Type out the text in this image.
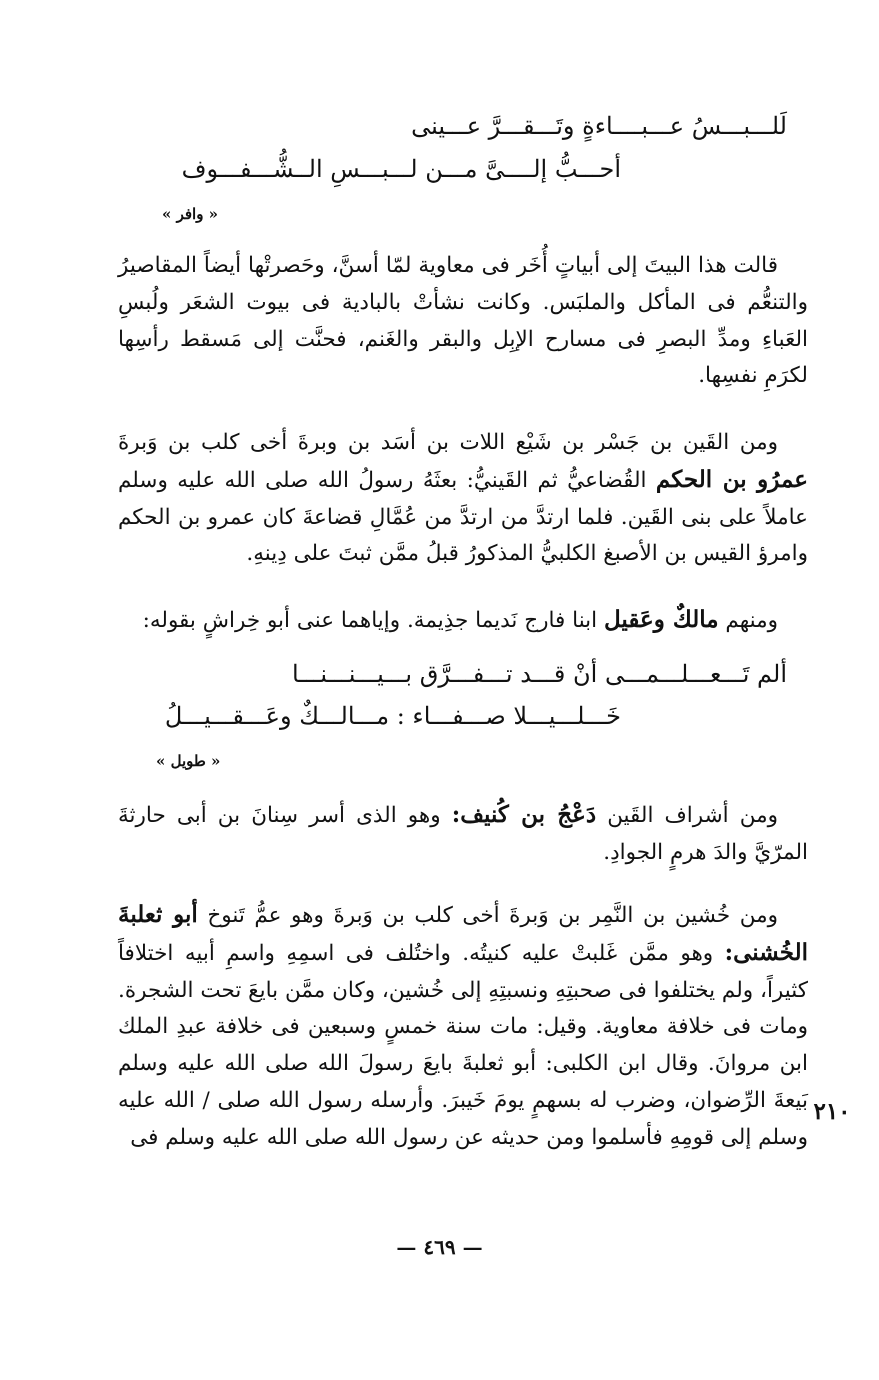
لَلـــبـــسُ عـــبــــاءةٍ وتَـــقـــرَّ عـــينى
أحـــبُّ إلــــىَّ مـــن لـــبـــسِ الــشُّـــفـــوف
« وافر »

قالت هذا البيتَ إلى أبياتٍ أُخَر فى معاوية لمّا أسنَّ، وحَصرتْها أيضاً المقاصيرُ والتنعُّم فى المأكل والملبَس. وكانت نشأتْ بالبادية فى بيوت الشعَر ولُبسِ العَباءِ ومدِّ البصرِ فى مسارح الإبِل والبقر والغَنم، فحنَّت إلى مَسقط رأسِها لكرَمِ نفسِها.

ومن القَين بن جَسْر بن شَيْع اللات بن أسَد بن وبرةَ أخى كلب بن وَبرةَ عمرُو بن الحكم القُضاعيُّ ثم القَينيُّ: بعثَهُ رسولُ الله صلى الله عليه وسلم عاملاً على بنى القَين. فلما ارتدَّ من ارتدَّ من عُمَّالِ قضاعةَ كان عمرو بن الحكم وامرؤ القيس بن الأصبغ الكلبيُّ المذكورُ قبلُ ممَّن ثبتَ على دِينهِ.

ومنهم مالكٌ وعَقيل ابنا فارج نَديما جذِيمة. وإياهما عنى أبو خِراشٍ بقوله:

ألم تَـــعـــلـــمـــى أنْ قـــد تـــفـــرَّق بـــيـــنـــنـــا
خَـــلـــيـــلا صـــفـــاء : مـــالـــكٌ وعَـــقـــيـــلُ
« طويل »

ومن أشراف القَين دَعْجُ بن كُنيف: وهو الذى أسر سِنانَ بن أبى حارثةَ المرّيَّ والدَ هرمٍ الجوادِ.

ومن خُشين بن النَّمِر بن وَبرةَ أخى كلب بن وَبرةَ وهو عمُّ تَنوخ أبو ثعلبةَ الخُشنى: وهو ممَّن غَلبتْ عليه كنيتُه. واختُلف فى اسمِهِ واسمِ أبيه اختلافاً كثيراً، ولم يختلفوا فى صحبتِهِ ونسبتِهِ إلى خُشين، وكان ممَّن بايعَ تحت الشجرة. ومات فى خلافة معاوية. وقيل: مات سنة خمسٍ وسبعين فى خلافة عبدِ الملك ابن مروانَ. وقال ابن الكلبى: أبو ثعلبةَ بايعَ رسولَ الله صلى الله عليه وسلم بَيعةَ الرِّضوان، وضرب له بسهمٍ يومَ خَيبرَ. وأرسله رسول الله صلى / الله عليه وسلم إلى قومِهِ فأسلموا ومن حديثه عن رسول الله صلى الله عليه وسلم فى

٢١٠
— ٤٦٩ —
